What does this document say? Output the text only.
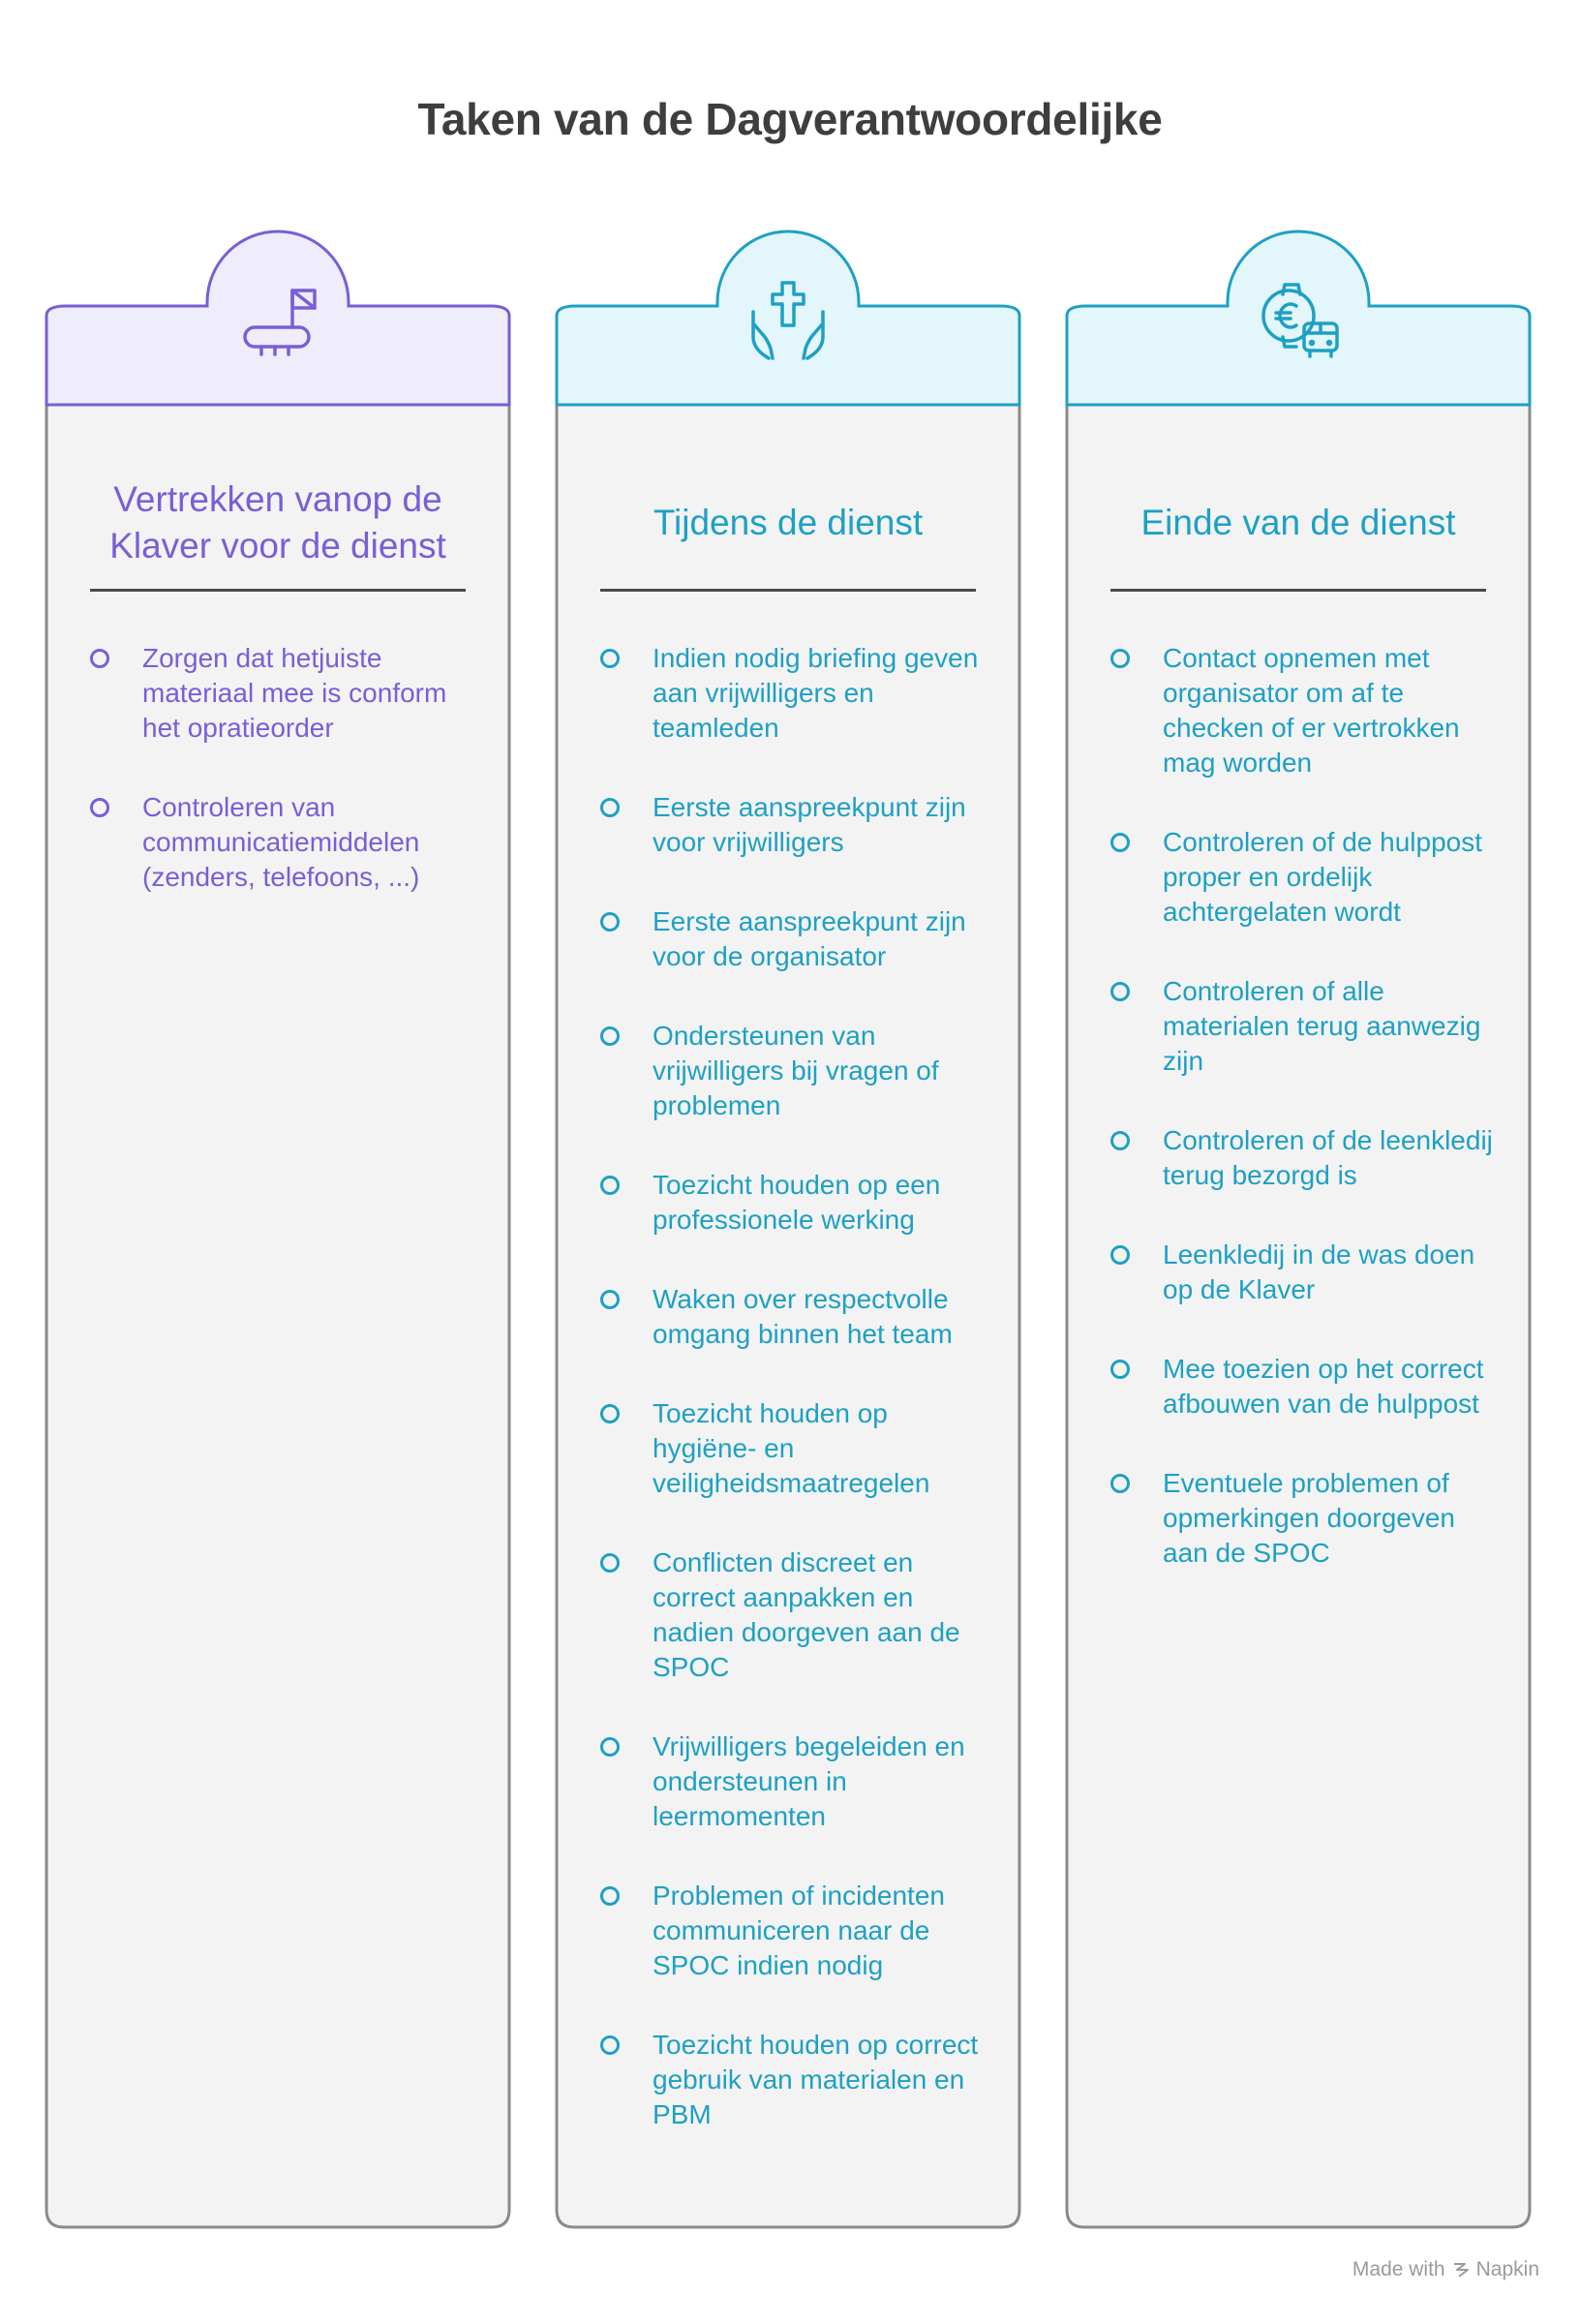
Taken van de Dagverantwoordelijke
Vertrekken vanop de Klaver voor de dienst
Zorgen dat hetjuiste materiaal mee is conform het opratieorder
Controleren van communicatiemiddelen (zenders, telefoons, ...)
Tijdens de dienst
Indien nodig briefing geven aan vrijwilligers en teamleden
Eerste aanspreekpunt zijn voor vrijwilligers
Eerste aanspreekpunt zijn voor de organisator
Ondersteunen van vrijwilligers bij vragen of problemen
Toezicht houden op een professionele werking
Waken over respectvolle omgang binnen het team
Toezicht houden op hygiëne- en veiligheidsmaatregelen
Conflicten discreet en correct aanpakken en nadien doorgeven aan de SPOC
Vrijwilligers begeleiden en ondersteunen in leermomenten
Problemen of incidenten communiceren naar de SPOC indien nodig
Toezicht houden op correct gebruik van materialen en PBM
Einde van de dienst
Contact opnemen met organisator om af te checken of er vertrokken mag worden
Controleren of de hulppost proper en ordelijk achtergelaten wordt
Controleren of alle materialen terug aanwezig zijn
Controleren of de leenkledij terug bezorgd is
Leenkledij in de was doen op de Klaver
Mee toezien op het correct afbouwen van de hulppost
Eventuele problemen of opmerkingen doorgeven aan de SPOC
Made with Napkin
